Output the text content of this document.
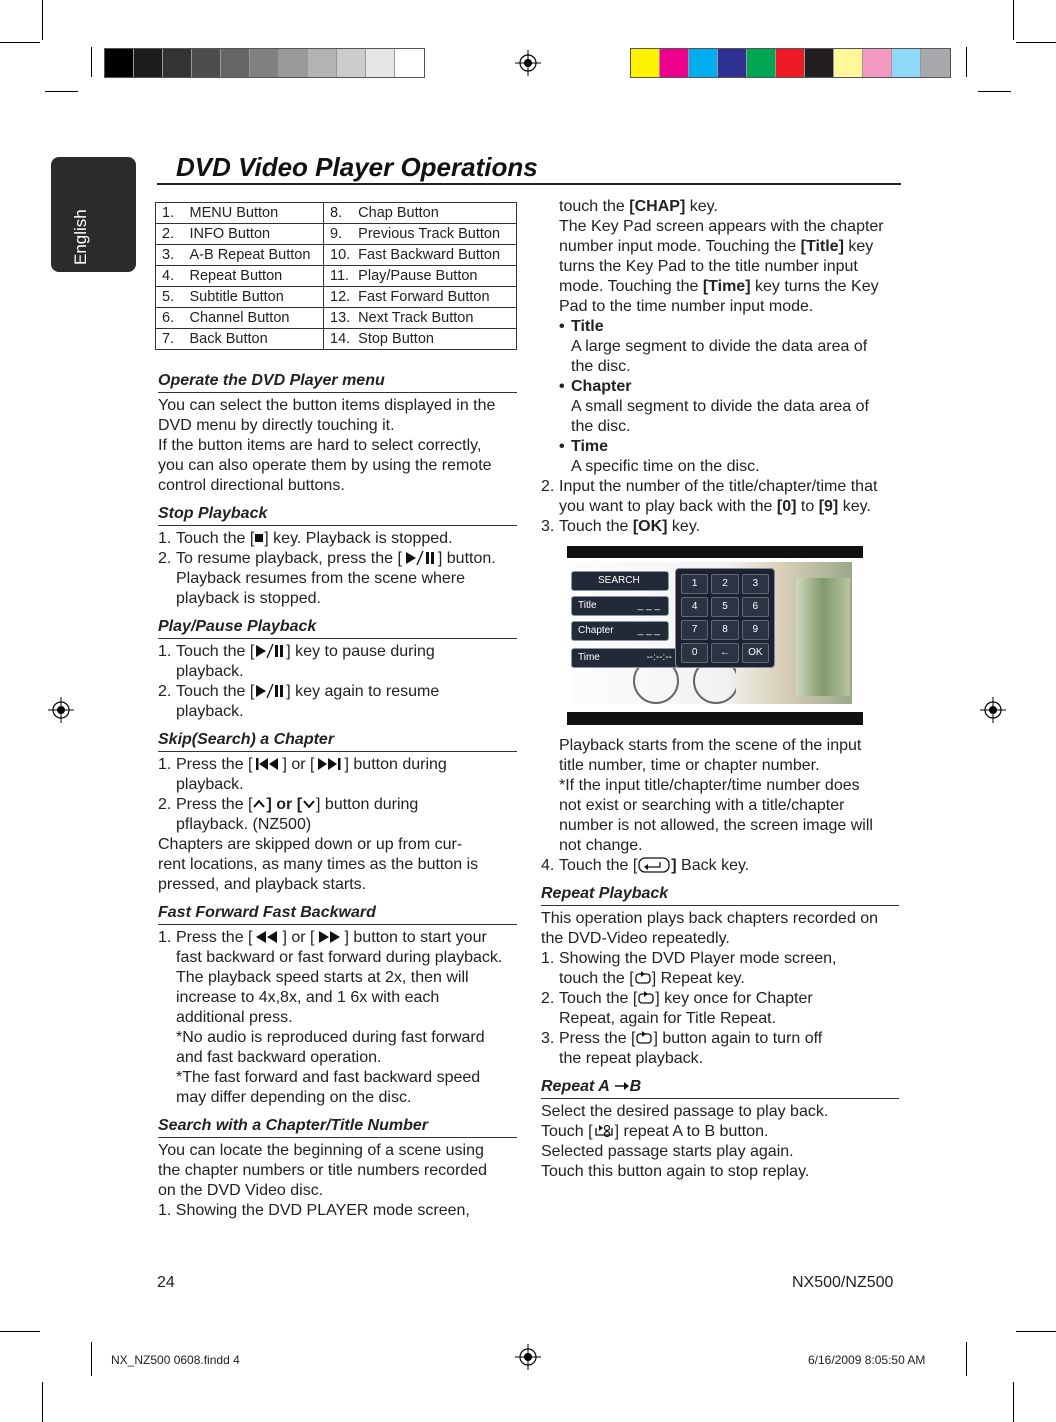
English
DVD Video Player Operations
1.	MENU Button	8.	Chap Button
2.	INFO Button	9.	Previous Track Button
3.	A-B Repeat Button	10.	Fast Backward Button
4.	Repeat Button	11.	Play/Pause Button
5.	Subtitle Button	12.	Fast Forward Button
6.	Channel Button	13.	Next Track Button
7.	Back Button	14.	Stop Button
Operate the DVD Player menu
You can select the button items displayed in the
DVD menu by directly touching it.
If the button items are hard to select correctly,
you can also operate them by using the remote
control directional buttons.
Stop Playback
1. Touch the [ ] key. Playback is stopped.
2. To resume playback, press the [ ] button.
Playback resumes from the scene where
playback is stopped.
Play/Pause Playback
1. Touch the [ ] key to pause during
playback.
2. Touch the [ ] key again to resume
playback.
Skip(Search) a Chapter
1. Press the [ ] or [ ] button during
playback.
2. Press the [ ] or [ ] button during
pflayback. (NZ500)
Chapters are skipped down or up from cur-
rent locations, as many times as the button is
pressed, and playback starts.
Fast Forward Fast Backward
1. Press the [ ] or [ ] button to start your
fast backward or fast forward during playback.
The playback speed starts at 2x, then will
increase to 4x,8x, and 1 6x with each
additional press.
*No audio is reproduced during fast forward
and fast backward operation.
*The fast forward and fast backward speed
may differ depending on the disc.
Search with a Chapter/Title Number
You can locate the beginning of a scene using
the chapter numbers or title numbers recorded
on the DVD Video disc.
1. Showing the DVD PLAYER mode screen,
touch the [CHAP] key.
The Key Pad screen appears with the chapter
number input mode. Touching the [Title] key
turns the Key Pad to the title number input
mode. Touching the [Time] key turns the Key
Pad to the time number input mode.
• Title
A large segment to divide the data area of
the disc.
• Chapter
A small segment to divide the data area of
the disc.
• Time
A specific time on the disc.
2. Input the number of the title/chapter/time that
you want to play back with the [0] to [9] key.
3. Touch the [OK] key.
SEARCH
Title	_ _ _
Chapter _ _ _
Time	--:--:--
1	2	3
4	5	6
7	8	9
0	←	OK
Playback starts from the scene of the input
title number, time or chapter number.
*If the input title/chapter/time number does
not exist or searching with a title/chapter
number is not allowed, the screen image will
not change.
4. Touch the [ ] Back key.
Repeat Playback
This operation plays back chapters recorded on
the DVD-Video repeatedly.
1. Showing the DVD Player mode screen,
touch the [ ] Repeat key.
2. Touch the [ ] key once for Chapter
Repeat, again for Title Repeat.
3. Press the [ ] button again to turn off
the repeat playback.
Repeat A B
Select the desired passage to play back.
Touch [ ] repeat A to B button.
Selected passage starts play again.
Touch this button again to stop replay.
24	NX500/NZ500
NX_NZ500 0608.findd 4	6/16/2009 8:05:50 AM
